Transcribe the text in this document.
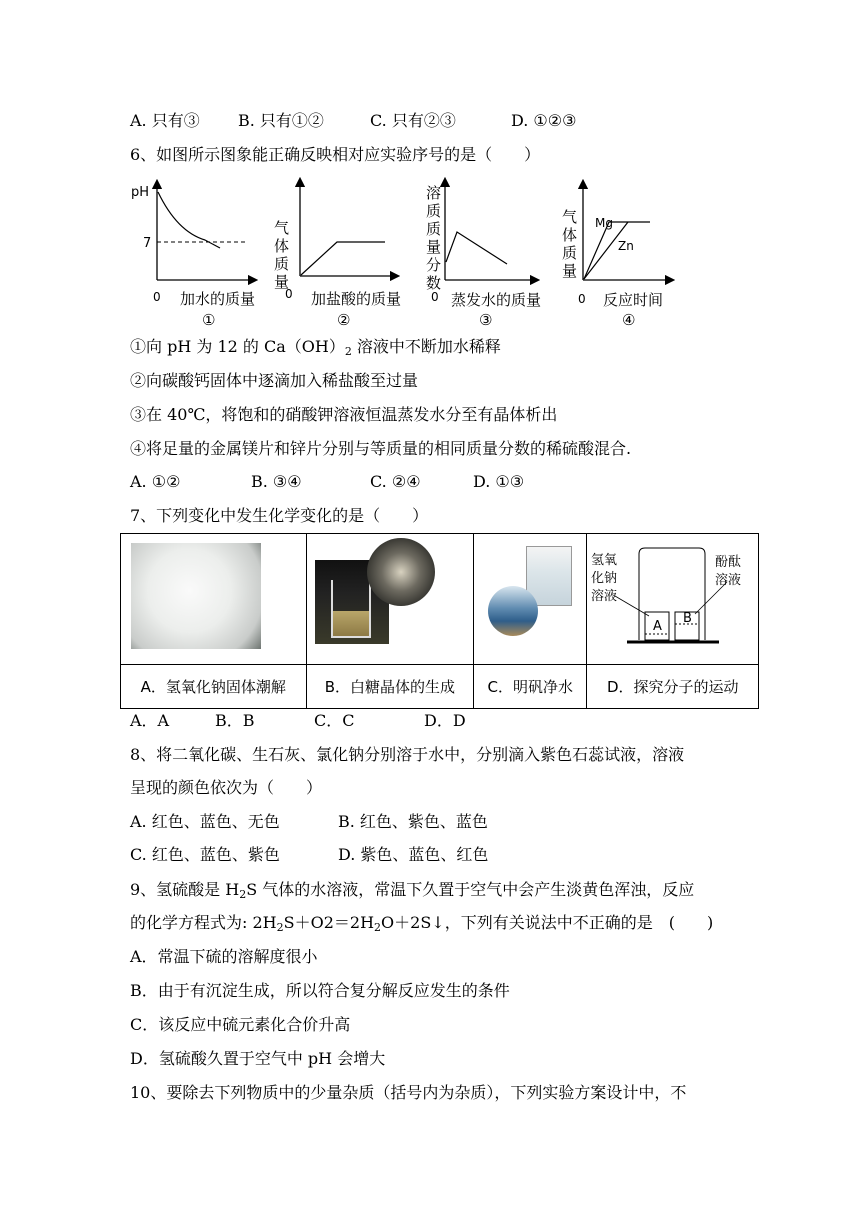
A. 只有③ B. 只有①②	C. 只有②③	D. ①②③
6、如图所示图象能正确反映相对应实验序号的是（　　）
pH
7
0 加水的质量
①
气体质量
0 加盐酸的质量
②
溶质质量分数
0 蒸发水的质量
③
气体质量
Mg
Zn
0 反应时间
④
①向 pH 为 12 的 $Ca(OH)_2$ 溶液中不断加水稀释
②向碳酸钙固体中逐滴加入稀盐酸至过量
③在 40℃，将饱和的硝酸钾溶液恒温蒸发水分至有晶体析出
④将足量的金属镁片和锌片分别与等质量的相同质量分数的稀硫酸混合.
A. ①②	B. ③④	C. ②④	D. ①③
7、下列变化中发生化学变化的是（　　）

A
B
氢氧化钠溶液
酚酞溶液

A．氢氧化钠固体潮解	B．白糖晶体的生成	C．明矾净水	D．探究分子的运动
A．A	B．B	C．C	D．D
8、将二氧化碳、生石灰、氯化钠分别溶于水中，分别滴入紫色石蕊试液，溶液
呈现的颜色依次为（　　）
A. 红色、蓝色、无色	B. 红色、紫色、蓝色
C. 红色、蓝色、紫色	D. 紫色、蓝色、红色
9、氢硫酸是 $H_2S$ 气体的水溶液，常温下久置于空气中会产生淡黄色浑浊，反应
的化学方程式为: $2H_2S+O2=2H_2O+2S↓$，下列有关说法中不正确的是　(　　)
A．常温下硫的溶解度很小
B．由于有沉淀生成，所以符合复分解反应发生的条件
C．该反应中硫元素化合价升高
D．氢硫酸久置于空气中 pH 会增大
10、要除去下列物质中的少量杂质（括号内为杂质），下列实验方案设计中，不
